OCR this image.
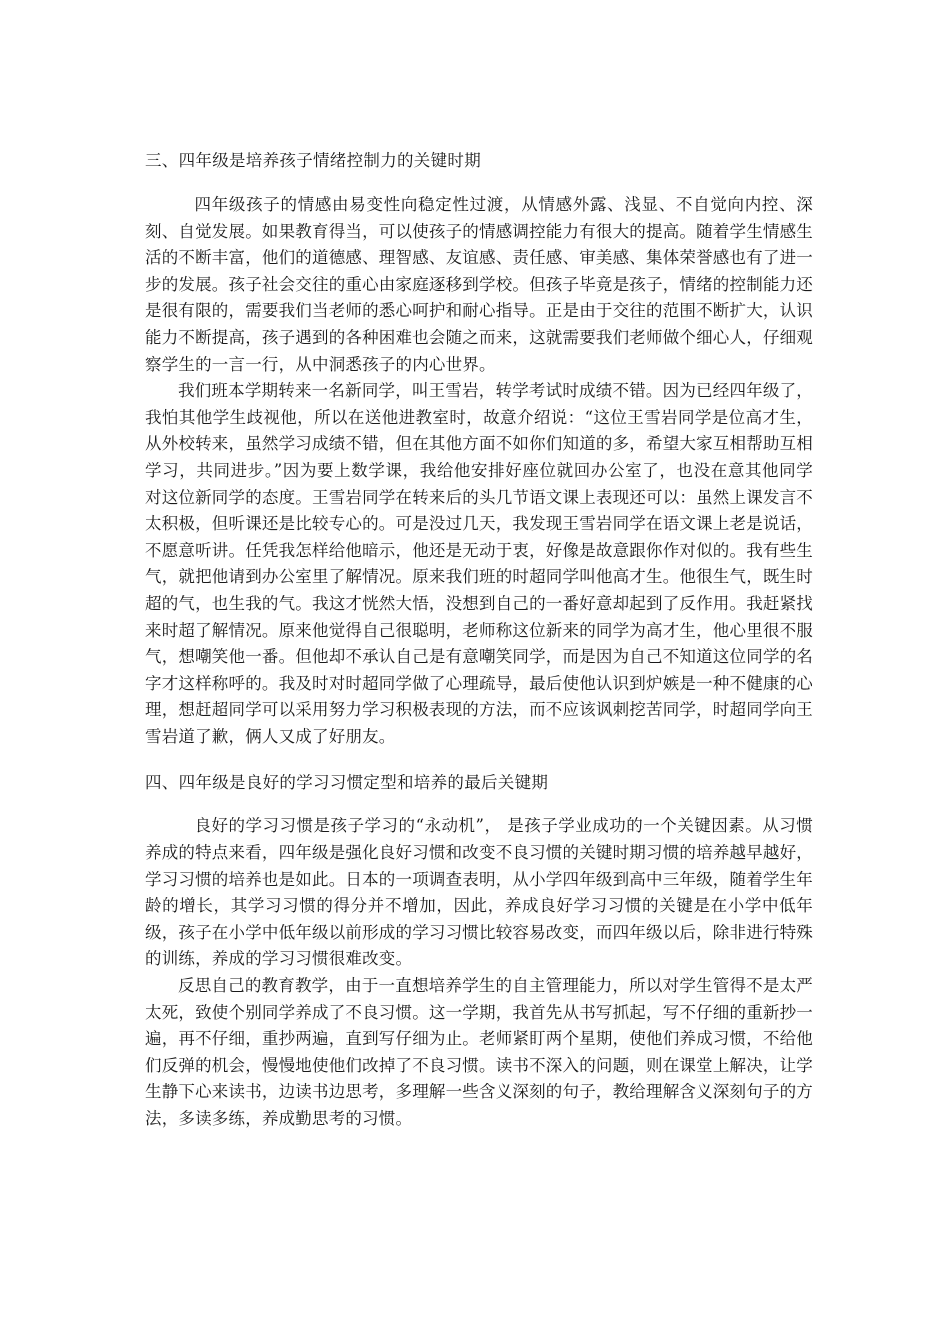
三、四年级是培养孩子情绪控制力的关键时期

四年级孩子的情感由易变性向稳定性过渡，从情感外露、浅显、不自觉向内控、深刻、自觉发展。如果教育得当，可以使孩子的情感调控能力有很大的提高。随着学生情感生活的不断丰富，他们的道德感、理智感、友谊感、责任感、审美感、集体荣誉感也有了进一步的发展。孩子社会交往的重心由家庭逐移到学校。但孩子毕竟是孩子，情绪的控制能力还是很有限的，需要我们当老师的悉心呵护和耐心指导。正是由于交往的范围不断扩大，认识能力不断提高，孩子遇到的各种困难也会随之而来，这就需要我们老师做个细心人，仔细观察学生的一言一行，从中洞悉孩子的内心世界。

我们班本学期转来一名新同学，叫王雪岩，转学考试时成绩不错。因为已经四年级了，我怕其他学生歧视他，所以在送他进教室时，故意介绍说：“这位王雪岩同学是位高才生，从外校转来，虽然学习成绩不错，但在其他方面不如你们知道的多，希望大家互相帮助互相学习，共同进步。”因为要上数学课，我给他安排好座位就回办公室了，也没在意其他同学对这位新同学的态度。王雪岩同学在转来后的头几节语文课上表现还可以：虽然上课发言不太积极，但听课还是比较专心的。可是没过几天，我发现王雪岩同学在语文课上老是说话，不愿意听讲。任凭我怎样给他暗示，他还是无动于衷，好像是故意跟你作对似的。我有些生气，就把他请到办公室里了解情况。原来我们班的时超同学叫他高才生。他很生气，既生时超的气，也生我的气。我这才恍然大悟，没想到自己的一番好意却起到了反作用。我赶紧找来时超了解情况。原来他觉得自己很聪明，老师称这位新来的同学为高才生，他心里很不服气，想嘲笑他一番。但他却不承认自己是有意嘲笑同学，而是因为自己不知道这位同学的名字才这样称呼的。我及时对时超同学做了心理疏导，最后使他认识到炉嫉是一种不健康的心理，想赶超同学可以采用努力学习积极表现的方法，而不应该讽刺挖苦同学，时超同学向王雪岩道了歉，俩人又成了好朋友。

四、四年级是良好的学习习惯定型和培养的最后关键期

良好的学习习惯是孩子学习的“永动机”， 是孩子学业成功的一个关键因素。从习惯养成的特点来看，四年级是强化良好习惯和改变不良习惯的关键时期习惯的培养越早越好，学习习惯的培养也是如此。日本的一项调查表明，从小学四年级到高中三年级，随着学生年龄的增长，其学习习惯的得分并不增加，因此，养成良好学习习惯的关键是在小学中低年级，孩子在小学中低年级以前形成的学习习惯比较容易改变，而四年级以后，除非进行特殊的训练，养成的学习习惯很难改变。

反思自己的教育教学，由于一直想培养学生的自主管理能力，所以对学生管得不是太严太死，致使个别同学养成了不良习惯。这一学期，我首先从书写抓起，写不仔细的重新抄一遍，再不仔细，重抄两遍，直到写仔细为止。老师紧盯两个星期，使他们养成习惯，不给他们反弹的机会，慢慢地使他们改掉了不良习惯。读书不深入的问题，则在课堂上解决，让学生静下心来读书，边读书边思考，多理解一些含义深刻的句子，教给理解含义深刻句子的方法，多读多练，养成勤思考的习惯。
